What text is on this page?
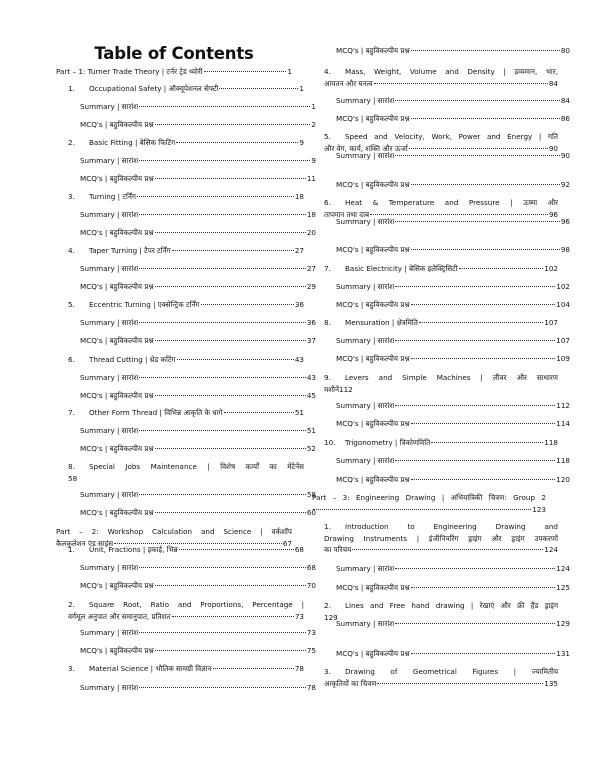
Table of Contents
Part – 1: Turner Trade Theory | टर्नर ट्रेड थ्योरी	1
1. Occupational Safety | ऑक्यूपेशनल सेफ्टी	1
Summary | सारांश	1
MCQ's | बहुविकल्पीय प्रश्न	2
2. Basic Fitting | बेसिक फिटिंग	9
Summary | सारांश	9
MCQ's | बहुविकल्पीय प्रश्न	11
3. Turning | टर्निंग	18
Summary | सारांश	18
MCQ's | बहुविकल्पीय प्रश्न	20
4. Taper Turning | टैपर टर्निंग	27
Summary | सारांश	27
MCQ's | बहुविकल्पीय प्रश्न	29
5. Eccentric Turning | एक्सेन्ट्रिक टर्निंग	36
Summary | सारांश	36
MCQ's | बहुविकल्पीय प्रश्न	37
6. Thread Cutting | थ्रेड कटिंग	43
Summary | सारांश	43
MCQ's | बहुविकल्पीय प्रश्न	45
7. Other Form Thread | विभिन्न आकृति के धागे	51
Summary | सारांश	51
MCQ's | बहुविकल्पीय प्रश्न	52
8. Special Jobs Maintenance | विशेष कार्यों का मेंटेनेंस
58
Summary | सारांश	58
MCQ's | बहुविकल्पीय प्रश्न	60
Part – 2: Workshop Calculation and Science | वर्कशॉप
कैलकुलेशन एंड साइंस	67
1. Unit, Fractions | इकाई, भिन्न	68
Summary | सारांश	68
MCQ's | बहुविकल्पीय प्रश्न	70
2. Square Root, Ratio and Proportions, Percentage |
वर्गमूल अनुपात और समानुपात, प्रतिशत	73
Summary | सारांश	73
MCQ's | बहुविकल्पीय प्रश्न	75
3. Material Science | भौतिक सामग्री विज्ञान	78
Summary | सारांश	78
MCQ's | बहुविकल्पीय प्रश्न	80
4. Mass, Weight, Volume and Density | द्रव्यमान, भार,
आयतन और घनत्व	84
Summary | सारांश	84
MCQ's | बहुविकल्पीय प्रश्न	86
5. Speed and Velocity, Work, Power and Energy | गति
और वेग, कार्य, शक्ति और ऊर्जा	90
Summary | सारांश	90
MCQ's | बहुविकल्पीय प्रश्न	92
6. Heat & Temperature and Pressure | ऊष्मा और
तापमान तथा दाब	96
Summary | सारांश	96
MCQ's | बहुविकल्पीय प्रश्न	98
7. Basic Electricity | बेसिक इलेक्ट्रिसिटी	102
Summary | सारांश	102
MCQ's | बहुविकल्पीय प्रश्न	104
8. Mensuration | क्षेत्रमिति	107
Summary | सारांश	107
MCQ's | बहुविकल्पीय प्रश्न	109
9. Levers and Simple Machines | लीवर और साधारण
मशीनें112
Summary | सारांश	112
MCQ's | बहुविकल्पीय प्रश्न	114
10. Trigonometry | त्रिकोणमिति	118
Summary | सारांश	118
MCQ's | बहुविकल्पीय प्रश्न	120
Part – 3: Engineering Drawing | अभियांत्रिकी चित्रण: Group 2
123
1. Introduction to Engineering Drawing and
Drawing Instruments | इंजीनियरिंग ड्राइंग और ड्राइंग उपकरणों
का परिचय	124
Summary | सारांश	124
MCQ's | बहुविकल्पीय प्रश्न	125
2. Lines and Free hand drawing | रेखाएं और फ्री हैंड ड्राइंग
129
Summary | सारांश	129
MCQ's | बहुविकल्पीय प्रश्न	131
3. Drawing of Geometrical Figures | ज्यामितीय
आकृतियों का चित्रण	135
